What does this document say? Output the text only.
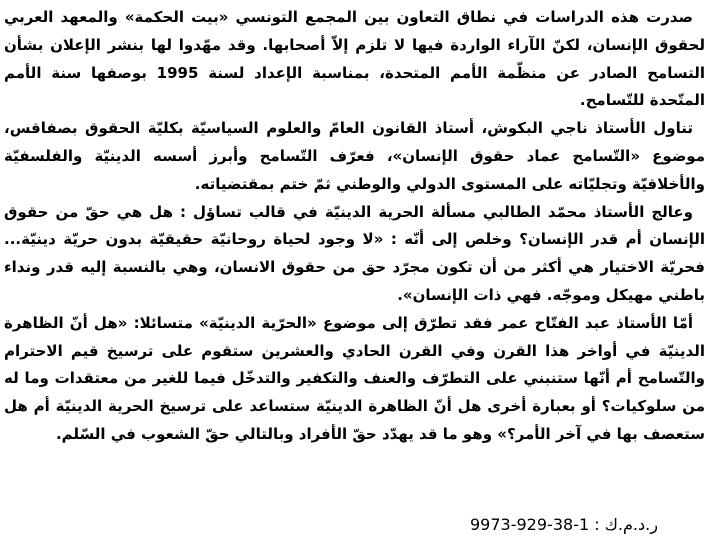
صدرت هذه الدراسات في نطاق التعاون بين المجمع التونسي «بيت الحكمة» والمعهد العربي لحقوق الإنسان، لكنّ الآراء الواردة فيها لا تلزم إلاّ أصحابها. وقد مهّدوا لها بنشر الإعلان بشأن التسامح الصادر عن منظّمة الأمم المتحدة، بمناسبة الإعداد لسنة 1995 بوصفها سنة الأمم المتّحدة للتّسامح.

تناول الأستاذ ناجي البكوش، أستاذ القانون العامّ والعلوم السياسيّة بكليّة الحقوق بصفاقس، موضوع «التّسامح عماد حقوق الإنسان»، فعرّف التّسامح وأبرز أسسه الدينيّة والفلسفيّة والأخلاقيّة وتجليّاته على المستوى الدولي والوطني ثمّ ختم بمقتضياته.

وعالج الأستاذ محمّد الطالبي مسألة الحرية الدينيّة في قالب تساؤل : هل هي حقّ من حقوق الإنسان أم قدر الإنسان؟ وخلص إلى أنّه : «لا وجود لحياة روحانيّة حقيقيّة بدون حريّة دينيّة... فحريّة الاختيار هي أكثر من أن تكون مجرّد حق من حقوق الانسان، وهي بالنسبة إليه قدر ونداء باطني مهيكل وموجّه. فهي ذات الإنسان».

أمّا الأستاذ عبد الفتّاح عمر فقد تطرّق إلى موضوع «الحرّية الدينيّة» متسائلا: «هل أنّ الظاهرة الدينيّة في أواخر هذا القرن وفي القرن الحادي والعشرين ستقوم على ترسيخ قيم الاحترام والتّسامح أم أنّها ستنبني على التطرّف والعنف والتكفير والتدخّل فيما للغير من معتقدات وما له من سلوكيات؟ أو بعبارة أخرى هل أنّ الظاهرة الدينيّة ستساعد على ترسيخ الحرية الدينيّة أم هل ستعصف بها في آخر الأمر؟» وهو ما قد يهدّد حقّ الأفراد وبالتالي حقّ الشعوب في السّلم.

ر.د.م.ك : 1-38-929-9973
